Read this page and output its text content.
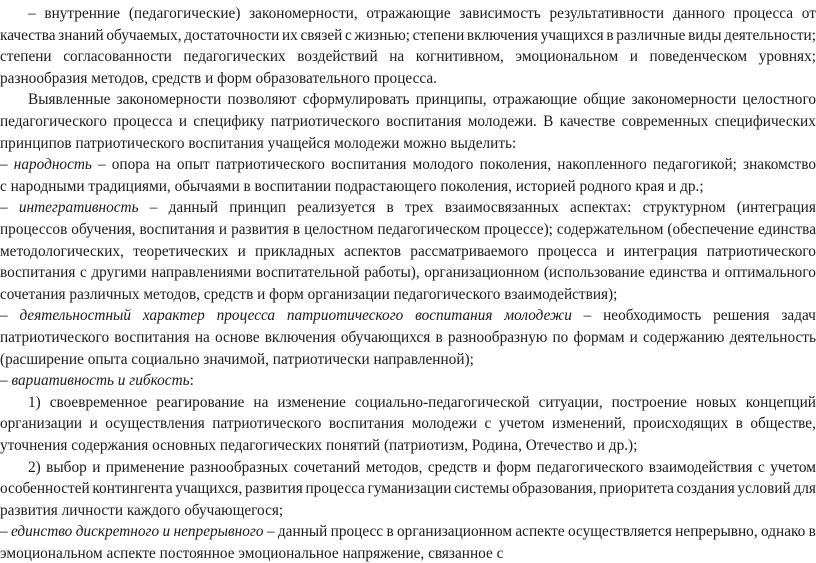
– внутренние (педагогические) закономерности, отражающие зависимость результативности данного процесса от
качества знаний обучаемых, достаточности их связей с жизнью; степени включения учащихся в различные виды деятельности;
степени согласованности педагогических воздействий на когнитивном, эмоциональном и поведенческом уровнях;
разнообразия методов, средств и форм образовательного процесса.
Выявленные закономерности позволяют сформулировать принципы, отражающие общие закономерности целостного
педагогического процесса и специфику патриотического воспитания молодежи. В качестве современных специфических
принципов патриотического воспитания учащейся молодежи можно выделить:
– народность – опора на опыт патриотического воспитания молодого поколения, накопленного педагогикой; знакомство
с народными традициями, обычаями в воспитании подрастающего поколения, историей родного края и др.;
– интегративность – данный принцип реализуется в трех взаимосвязанных аспектах: структурном (интеграция
процессов обучения, воспитания и развития в целостном педагогическом процессе); содержательном (обеспечение единства
методологических, теоретических и прикладных аспектов рассматриваемого процесса и интеграция патриотического
воспитания с другими направлениями воспитательной работы), организационном (использование единства и оптимального
сочетания различных методов, средств и форм организации педагогического взаимодействия);
– деятельностный характер процесса патриотического воспитания молодежи – необходимость решения задач
патриотического воспитания на основе включения обучающихся в разнообразную по формам и содержанию деятельность
(расширение опыта социально значимой, патриотически направленной);
– вариативность и гибкость:
1) своевременное реагирование на изменение социально-педагогической ситуации, построение новых концепций
организации и осуществления патриотического воспитания молодежи с учетом изменений, происходящих в обществе,
уточнения содержания основных педагогических понятий (патриотизм, Родина, Отечество и др.);
2) выбор и применение разнообразных сочетаний методов, средств и форм педагогического взаимодействия с учетом
особенностей контингента учащихся, развития процесса гуманизации системы образования, приоритета создания условий для
развития личности каждого обучающегося;
– единство дискретного и непрерывного – данный процесс в организационном аспекте осуществляется непрерывно, однако в
эмоциональном аспекте постоянное эмоциональное напряжение, связанное с
